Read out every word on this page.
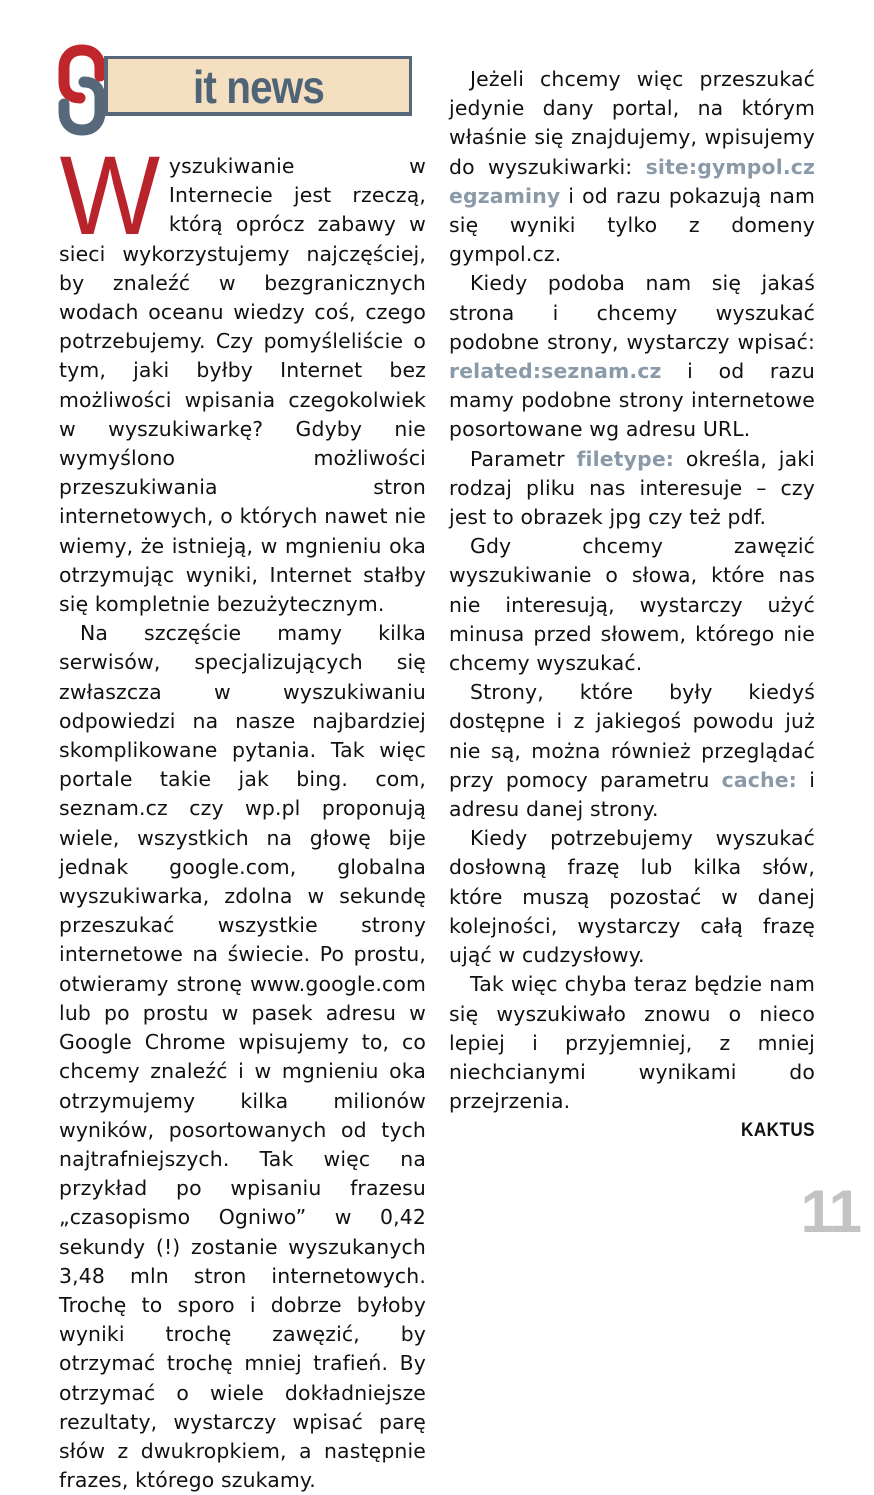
it news

Wyszukiwanie w Internecie jest rzeczą, którą oprócz zabawy w sieci wykorzystujemy najczęściej, by znaleźć w bezgranicznych wodach oceanu wiedzy coś, czego potrzebujemy. Czy pomyśleliście o tym, jaki byłby Internet bez możliwości wpisania czegokolwiek w wyszukiwarkę? Gdyby nie wymyślono możliwości przeszukiwania stron internetowych, o których nawet nie wiemy, że istnieją, w mgnieniu oka otrzymując wyniki, Internet stałby się kompletnie bezużytecznym.

Na szczęście mamy kilka serwisów, specjalizujących się zwłaszcza w wyszukiwaniu odpowiedzi na nasze najbardziej skomplikowane pytania. Tak więc portale takie jak bing. com, seznam.cz czy wp.pl proponują wiele, wszystkich na głowę bije jednak google.com, globalna wyszukiwarka, zdolna w sekundę przeszukać wszystkie strony internetowe na świecie. Po prostu, otwieramy stronę www.google.com lub po prostu w pasek adresu w Google Chrome wpisujemy to, co chcemy znaleźć i w mgnieniu oka otrzymujemy kilka milionów wyników, posortowanych od tych najtrafniejszych. Tak więc na przykład po wpisaniu frazesu „czasopismo Ogniwo” w 0,42 sekundy (!) zostanie wyszukanych 3,48 mln stron internetowych. Trochę to sporo i dobrze byłoby wyniki trochę zawęzić, by otrzymać trochę mniej trafień. By otrzymać o wiele dokładniejsze rezultaty, wystarczy wpisać parę słów z dwukropkiem, a następnie frazes, którego szukamy.

Jeżeli chcemy więc przeszukać jedynie dany portal, na którym właśnie się znajdujemy, wpisujemy do wyszukiwarki: site:gympol.cz egzaminy i od razu pokazują nam się wyniki tylko z domeny gympol.cz.

Kiedy podoba nam się jakaś strona i chcemy wyszukać podobne strony, wystarczy wpisać: related:seznam.cz i od razu mamy podobne strony internetowe posortowane wg adresu URL.

Parametr filetype: określa, jaki rodzaj pliku nas interesuje – czy jest to obrazek jpg czy też pdf.

Gdy chcemy zawęzić wyszukiwanie o słowa, które nas nie interesują, wystarczy użyć minusa przed słowem, którego nie chcemy wyszukać.

Strony, które były kiedyś dostępne i z jakiegoś powodu już nie są, można również przeglądać przy pomocy parametru cache: i adresu danej strony.

Kiedy potrzebujemy wyszukać dosłowną frazę lub kilka słów, które muszą pozostać w danej kolejności, wystarczy całą frazę ująć w cudzysłowy.

Tak więc chyba teraz będzie nam się wyszukiwało znowu o nieco lepiej i przyjemniej, z mniej niechcianymi wynikami do przejrzenia.

KAKTUS
11
